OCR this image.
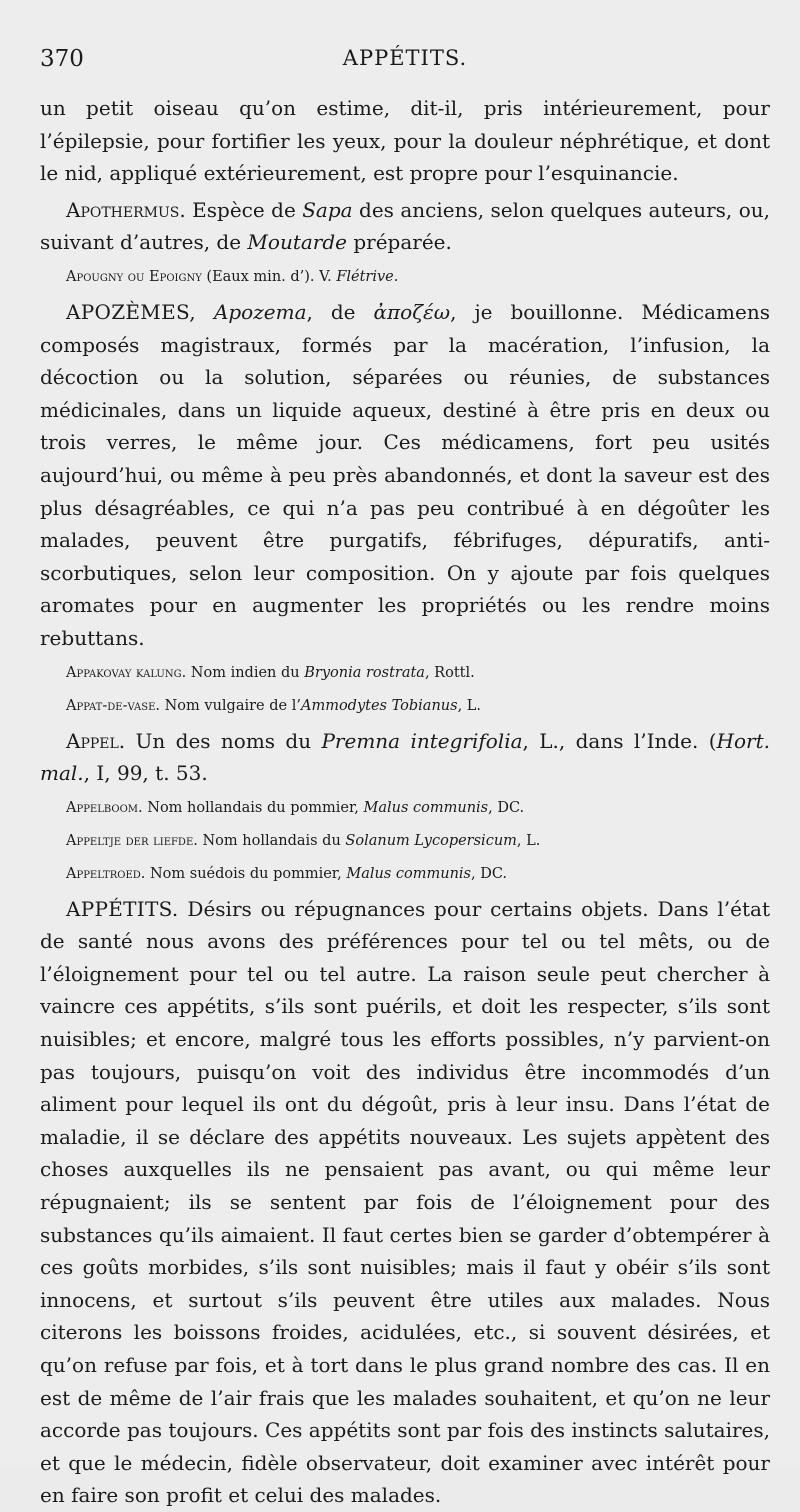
370	APPÉTITS.

un petit oiseau qu’on estime, dit-il, pris intérieurement, pour l’épilepsie, pour fortifier les yeux, pour la douleur néphrétique, et dont le nid, appliqué extérieurement, est propre pour l’esquinancie.

Apothermus. Espèce de Sapa des anciens, selon quelques auteurs, ou, suivant d’autres, de Moutarde préparée.

Apougny ou Epoigny (Eaux min. d’). V. Flétrive.

APOZÈMES, Apozema, de ἀποζέω, je bouillonne. Médicamens composés magistraux, formés par la macération, l’infusion, la décoction ou la solution, séparées ou réunies, de substances médicinales, dans un liquide aqueux, destiné à être pris en deux ou trois verres, le même jour. Ces médicamens, fort peu usités aujourd’hui, ou même à peu près abandonnés, et dont la saveur est des plus désagréables, ce qui n’a pas peu contribué à en dégoûter les malades, peuvent être purgatifs, fébrifuges, dépuratifs, anti-scorbutiques, selon leur composition. On y ajoute par fois quelques aromates pour en augmenter les propriétés ou les rendre moins rebuttans.

Appakovay kalung. Nom indien du Bryonia rostrata, Rottl.

Appat-de-vase. Nom vulgaire de l’Ammodytes Tobianus, L.

Appel. Un des noms du Premna integrifolia, L., dans l’Inde. (Hort. mal., I, 99, t. 53.

Appelboom. Nom hollandais du pommier, Malus communis, DC.

Appeltje der liefde. Nom hollandais du Solanum Lycopersicum, L.

Appeltroed. Nom suédois du pommier, Malus communis, DC.

APPÉTITS. Désirs ou répugnances pour certains objets. Dans l’état de santé nous avons des préférences pour tel ou tel mêts, ou de l’éloignement pour tel ou tel autre. La raison seule peut chercher à vaincre ces appétits, s’ils sont puérils, et doit les respecter, s’ils sont nuisibles; et encore, malgré tous les efforts possibles, n’y parvient-on pas toujours, puisqu’on voit des individus être incommodés d’un aliment pour lequel ils ont du dégoût, pris à leur insu. Dans l’état de maladie, il se déclare des appétits nouveaux. Les sujets appètent des choses auxquelles ils ne pensaient pas avant, ou qui même leur répugnaient; ils se sentent par fois de l’éloignement pour des substances qu’ils aimaient. Il faut certes bien se garder d’obtempérer à ces goûts morbides, s’ils sont nuisibles; mais il faut y obéir s’ils sont innocens, et surtout s’ils peuvent être utiles aux malades. Nous citerons les boissons froides, acidulées, etc., si souvent désirées, et qu’on refuse par fois, et à tort dans le plus grand nombre des cas. Il en est de même de l’air frais que les malades souhaitent, et qu’on ne leur accorde pas toujours. Ces appétits sont par fois des instincts salutaires, et que le médecin, fidèle observateur, doit examiner avec intérêt pour en faire son profit et celui des malades.
